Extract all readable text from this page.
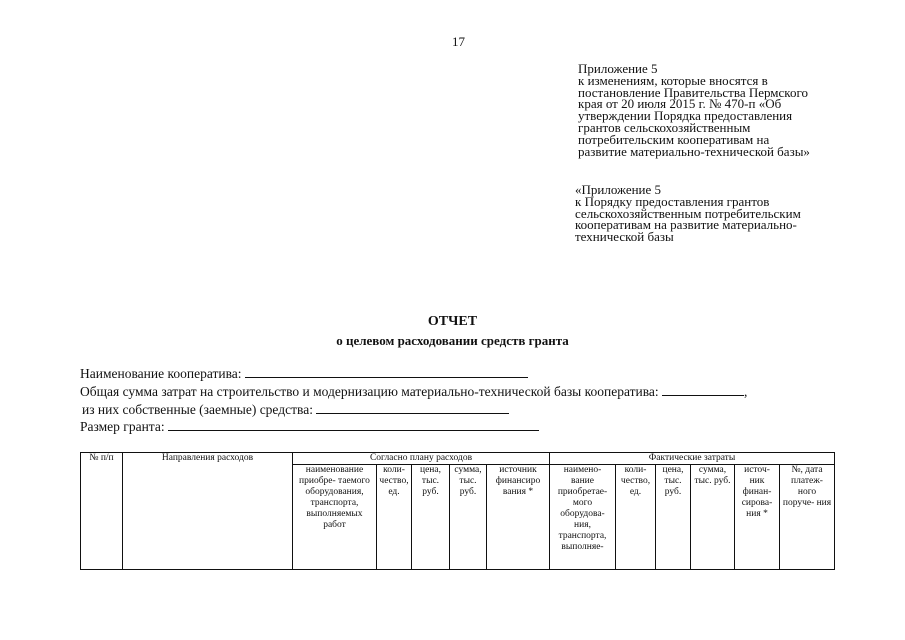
17
Приложение 5
к изменениям, которые вносятся в
постановление Правительства Пермского
края от 20 июля 2015 г. № 470-п «Об
утверждении Порядка предоставления
грантов сельскохозяйственным
потребительским кооперативам на
развитие материально-технической базы»
«Приложение 5
к Порядку предоставления грантов
сельскохозяйственным потребительским
кооперативам на развитие материально-
технической базы
ОТЧЕТ
о целевом расходовании средств гранта
Наименование кооператива:
Общая сумма затрат на строительство и модернизацию материально-технической базы кооператива:	,
из них собственные (заемные) средства:
Размер гранта:
№ п/п	Направления расходов	Согласно плану расходов					Фактические затраты					
		наименование приобре- таемого оборудования, транспорта, выполняемых работ	коли- чество, ед.	цена, тыс. руб.	сумма, тыс. руб.	источник финансиро вания *	наимено- вание приобретае- мого оборудова- ния, транспорта, выполняе-	коли- чество, ед.	цена, тыс. руб.	сумма, тыс. руб.	источ- ник финан- сирова- ния *	№, дата платеж- ного поруче- ния
